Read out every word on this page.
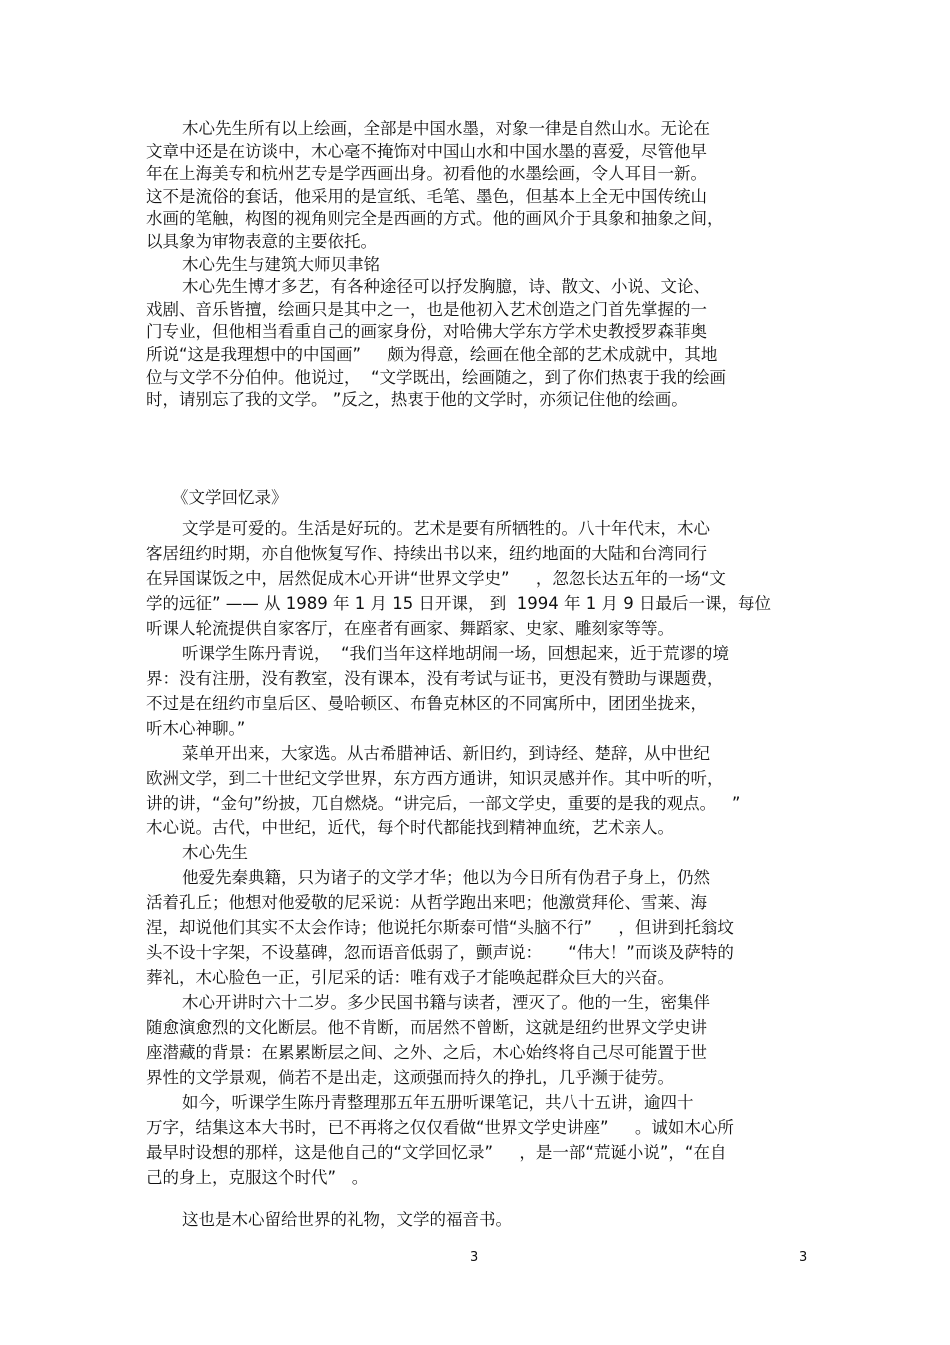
木心先生所有以上绘画，全部是中国水墨，对象一律是自然山水。无论在
文章中还是在访谈中，木心毫不掩饰对中国山水和中国水墨的喜爱，尽管他早
年在上海美专和杭州艺专是学西画出身。初看他的水墨绘画，令人耳目一新。
这不是流俗的套话，他采用的是宣纸、毛笔、墨色，但基本上全无中国传统山
水画的笔触，构图的视角则完全是西画的方式。他的画风介于具象和抽象之间，
以具象为审物表意的主要依托。
木心先生与建筑大师贝聿铭
木心先生博才多艺，有各种途径可以抒发胸臆，诗、散文、小说、文论、
戏剧、音乐皆擅，绘画只是其中之一，也是他初入艺术创造之门首先掌握的一
门专业，但他相当看重自己的画家身份，对哈佛大学东方学术史教授罗森菲奥
所说“这是我理想中的中国画”     颇为得意，绘画在他全部的艺术成就中，其地
位与文学不分伯仲。他说过，  “文学既出，绘画随之，到了你们热衷于我的绘画
时，请别忘了我的文学。 ”反之，热衷于他的文学时，亦须记住他的绘画。
《文学回忆录》
文学是可爱的。生活是好玩的。艺术是要有所牺牲的。八十年代末，木心
客居纽约时期，亦自他恢复写作、持续出书以来，纽约地面的大陆和台湾同行
在异国谋饭之中，居然促成木心开讲“世界文学史”     ，忽忽长达五年的一场“文
学的远征” —— 从 1989 年 1 月 15 日开课， 到  1994 年 1 月 9 日最后一课，每位
听课人轮流提供自家客厅，在座者有画家、舞蹈家、史家、雕刻家等等。
听课学生陈丹青说，  “我们当年这样地胡闹一场，回想起来，近于荒谬的境
界：没有注册，没有教室，没有课本，没有考试与证书，更没有赞助与课题费，
不过是在纽约市皇后区、曼哈顿区、布鲁克林区的不同寓所中，团团坐拢来，
听木心神聊。”
菜单开出来，大家选。从古希腊神话、新旧约，到诗经、楚辞，从中世纪
欧洲文学，到二十世纪文学世界，东方西方通讲，知识灵感并作。其中听的听，
讲的讲，“金句”纷披，兀自燃烧。“讲完后，一部文学史，重要的是我的观点。   ”
木心说。古代，中世纪，近代，每个时代都能找到精神血统，艺术亲人。
木心先生
他爱先秦典籍，只为诸子的文学才华；他以为今日所有伪君子身上，仍然
活着孔丘；他想对他爱敬的尼采说：从哲学跑出来吧；他激赏拜伦、雪莱、海
涅，却说他们其实不太会作诗；他说托尔斯泰可惜“头脑不行”     ，但讲到托翁坟
头不设十字架，不设墓碑，忽而语音低弱了，颤声说：     “伟大！”而谈及萨特的
葬礼，木心脸色一正，引尼采的话：唯有戏子才能唤起群众巨大的兴奋。
木心开讲时六十二岁。多少民国书籍与读者，湮灭了。他的一生，密集伴
随愈演愈烈的文化断层。他不肯断，而居然不曾断，这就是纽约世界文学史讲
座潜藏的背景：在累累断层之间、之外、之后，木心始终将自己尽可能置于世
界性的文学景观，倘若不是出走，这顽强而持久的挣扎，几乎濒于徒劳。
如今，听课学生陈丹青整理那五年五册听课笔记，共八十五讲，逾四十
万字，结集这本大书时，已不再将之仅仅看做“世界文学史讲座”     。诚如木心所
最早时设想的那样，这是他自己的“文学回忆录”     ，是一部“荒诞小说”，“在自
己的身上，克服这个时代”   。
这也是木心留给世界的礼物，文学的福音书。
3	3
